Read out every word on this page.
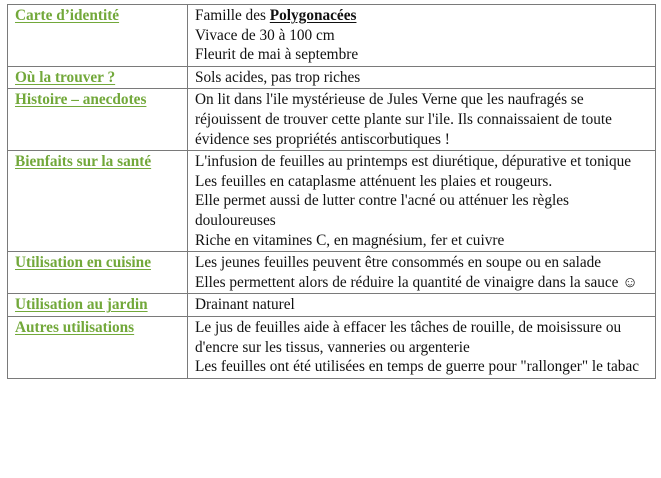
Carte d’identité	Famille des Polygonacées
Vivace de 30 à 100 cm
Fleurit de mai à septembre

Où la trouver ?	Sols acides, pas trop riches

Histoire – anecdotes	On lit dans l'ile mystérieuse de Jules Verne que les naufragés se réjouissent de trouver cette plante sur l'ile. Ils connaissaient de toute évidence ses propriétés antiscorbutiques !

Bienfaits sur la santé	L'infusion de feuilles au printemps est diurétique, dépurative et tonique
Les feuilles en cataplasme atténuent les plaies et rougeurs.
Elle permet aussi de lutter contre l'acné ou atténuer les règles douloureuses
Riche en vitamines C, en magnésium, fer et cuivre

Utilisation en cuisine	Les jeunes feuilles peuvent être consommés en soupe ou en salade
Elles permettent alors de réduire la quantité de vinaigre dans la sauce ☺

Utilisation au jardin	Drainant naturel

Autres utilisations	Le jus de feuilles aide à effacer les tâches de rouille, de moisissure ou d'encre sur les tissus, vanneries ou argenterie
Les feuilles ont été utilisées en temps de guerre pour "rallonger" le tabac
